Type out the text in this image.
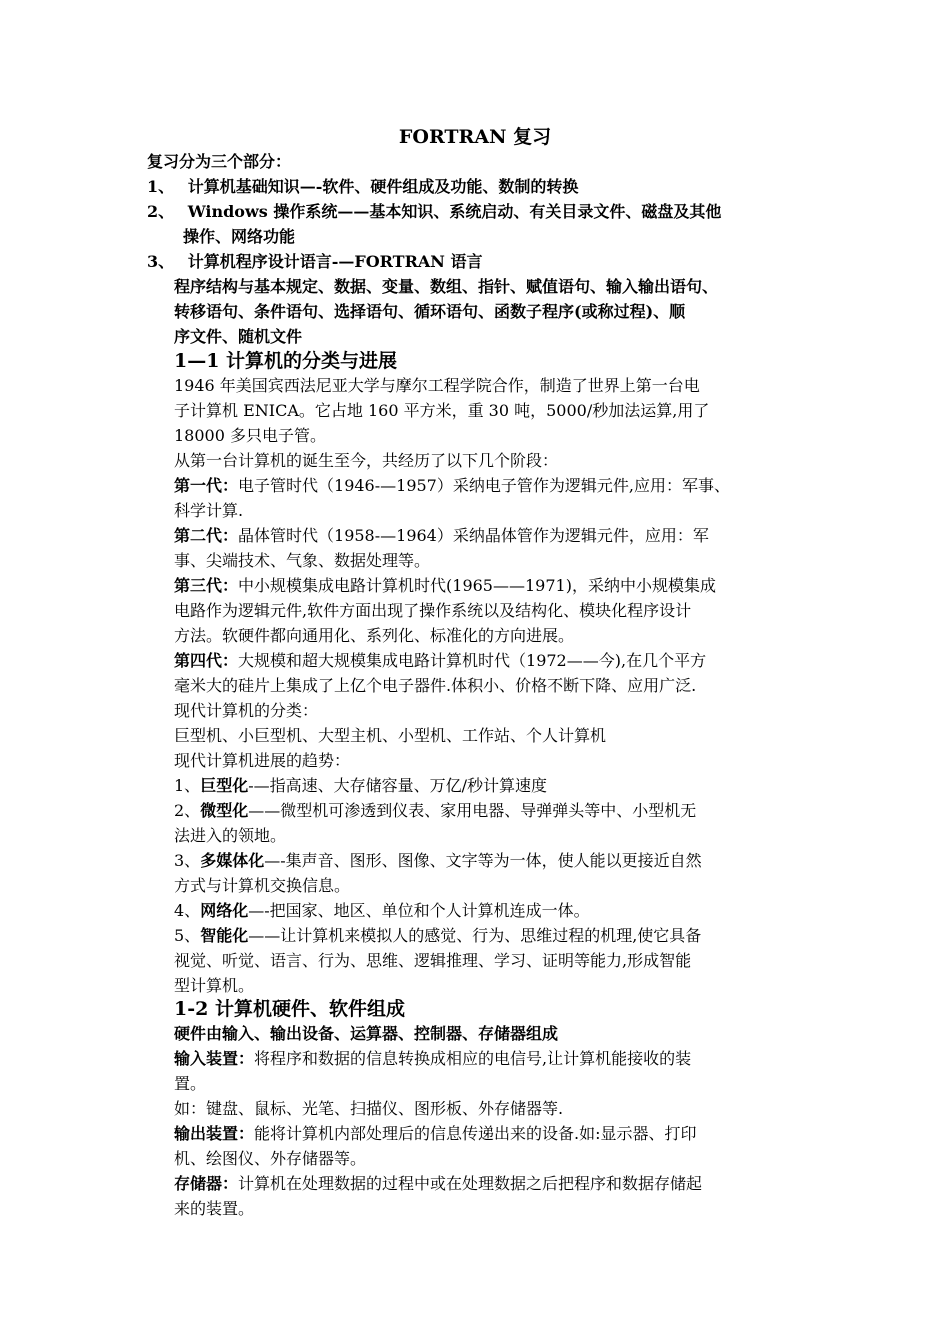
FORTRAN 复习
复习分为三个部分：
1、 计算机基础知识—-软件、硬件组成及功能、数制的转换
2、 Windows 操作系统——基本知识、系统启动、有关目录文件、磁盘及其他
操作、网络功能
3、 计算机程序设计语言-—FORTRAN 语言
程序结构与基本规定、数据、变量、数组、指针、赋值语句、输入输出语句、
转移语句、条件语句、选择语句、循环语句、函数子程序(或称过程)、顺
序文件、随机文件
1—1 计算机的分类与进展
1946 年美国宾西法尼亚大学与摩尔工程学院合作，制造了世界上第一台电
子计算机 ENICA。它占地 160 平方米，重 30 吨，5000/秒加法运算,用了
18000 多只电子管。
从第一台计算机的诞生至今，共经历了以下几个阶段：
第一代：电子管时代（1946-—1957）采纳电子管作为逻辑元件,应用：军事、
科学计算.
第二代：晶体管时代（1958-—1964）采纳晶体管作为逻辑元件，应用：军
事、尖端技术、气象、数据处理等。
第三代：中小规模集成电路计算机时代(1965——1971)，采纳中小规模集成
电路作为逻辑元件,软件方面出现了操作系统以及结构化、模块化程序设计
方法。软硬件都向通用化、系列化、标准化的方向进展。
第四代：大规模和超大规模集成电路计算机时代（1972——今),在几个平方
毫米大的硅片上集成了上亿个电子器件.体积小、价格不断下降、应用广泛.
现代计算机的分类：
巨型机、小巨型机、大型主机、小型机、工作站、个人计算机
现代计算机进展的趋势：
1、巨型化-—指高速、大存储容量、万亿/秒计算速度
2、微型化——微型机可渗透到仪表、家用电器、导弹弹头等中、小型机无
法进入的领地。
3、多媒体化—-集声音、图形、图像、文字等为一体，使人能以更接近自然
方式与计算机交换信息。
4、网络化—-把国家、地区、单位和个人计算机连成一体。
5、智能化——让计算机来模拟人的感觉、行为、思维过程的机理,使它具备
视觉、听觉、语言、行为、思维、逻辑推理、学习、证明等能力,形成智能
型计算机。
1-2 计算机硬件、软件组成
硬件由输入、输出设备、运算器、控制器、存储器组成
输入装置：将程序和数据的信息转换成相应的电信号,让计算机能接收的装
置。
如：键盘、鼠标、光笔、扫描仪、图形板、外存储器等.
输出装置：能将计算机内部处理后的信息传递出来的设备.如:显示器、打印
机、绘图仪、外存储器等。
存储器：计算机在处理数据的过程中或在处理数据之后把程序和数据存储起
来的装置。
